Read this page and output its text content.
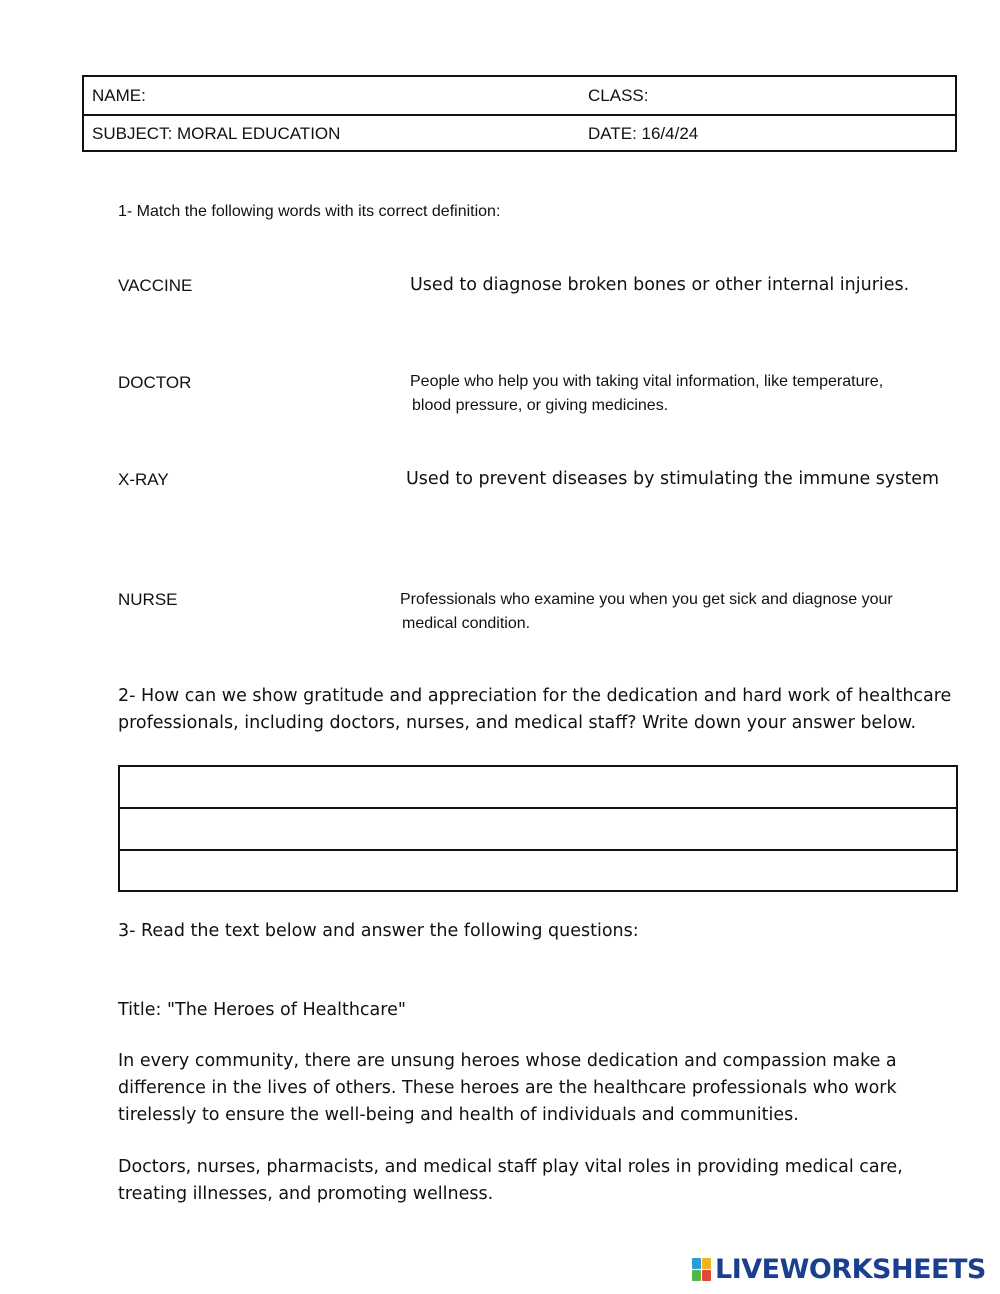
NAME:	CLASS:
SUBJECT: MORAL EDUCATION	DATE: 16/4/24
1- Match the following words with its correct definition:
VACCINE
DOCTOR
X-RAY
NURSE
Used to diagnose broken bones or other internal injuries.
People who help you with taking vital information, like temperature,
blood pressure, or giving medicines.
Used to prevent diseases by stimulating the immune system
Professionals who examine you when you get sick and diagnose your
medical condition.
2- How can we show gratitude and appreciation for the dedication and hard work of healthcare
professionals, including doctors, nurses, and medical staff? Write down your answer below.
3- Read the text below and answer the following questions:
Title: "The Heroes of Healthcare"
In every community, there are unsung heroes whose dedication and compassion make a
difference in the lives of others. These heroes are the healthcare professionals who work
tirelessly to ensure the well-being and health of individuals and communities.
Doctors, nurses, pharmacists, and medical staff play vital roles in providing medical care,
treating illnesses, and promoting wellness.
LIVEWORKSHEETS
